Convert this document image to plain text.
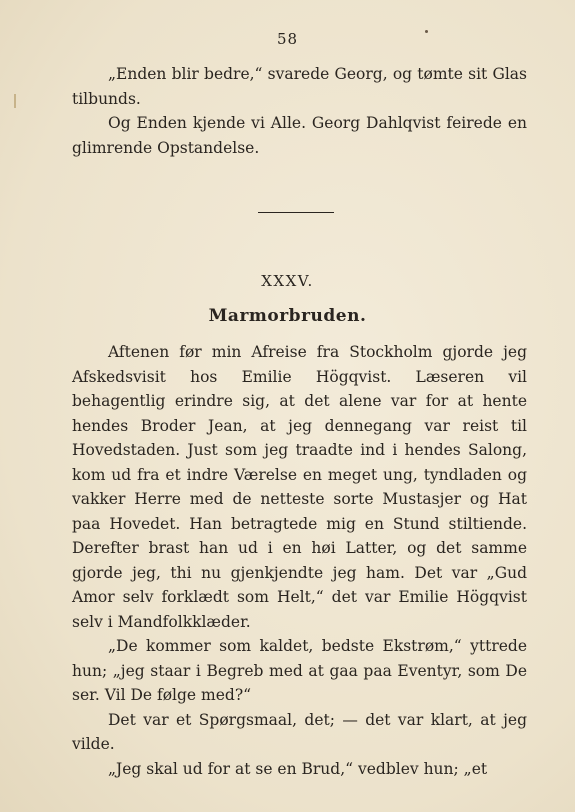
58

„Enden blir bedre,“ svarede Georg, og tømte sit Glas tilbunds.

Og Enden kjende vi Alle. Georg Dahlqvist feirede en glimrende Opstandelse.

XXXV.
Marmorbruden.

Aftenen før min Afreise fra Stockholm gjorde jeg Afskedsvisit hos Emilie Högqvist. Læseren vil behagentlig erindre sig, at det alene var for at hente hendes Broder Jean, at jeg dennegang var reist til Hovedstaden. Just som jeg traadte ind i hendes Salong, kom ud fra et indre Værelse en meget ung, tyndladen og vakker Herre med de netteste sorte Mustasjer og Hat paa Hovedet. Han betragtede mig en Stund stiltiende. Derefter brast han ud i en høi Latter, og det samme gjorde jeg, thi nu gjenkjendte jeg ham. Det var „Gud Amor selv forklædt som Helt,“ det var Emilie Högqvist selv i Mandfolkklæder.

„De kommer som kaldet, bedste Ekstrøm,“ yttrede hun; „jeg staar i Begreb med at gaa paa Eventyr, som De ser. Vil De følge med?“

Det var et Spørgsmaal, det; — det var klart, at jeg vilde.

„Jeg skal ud for at se en Brud,“ vedblev hun; „et
